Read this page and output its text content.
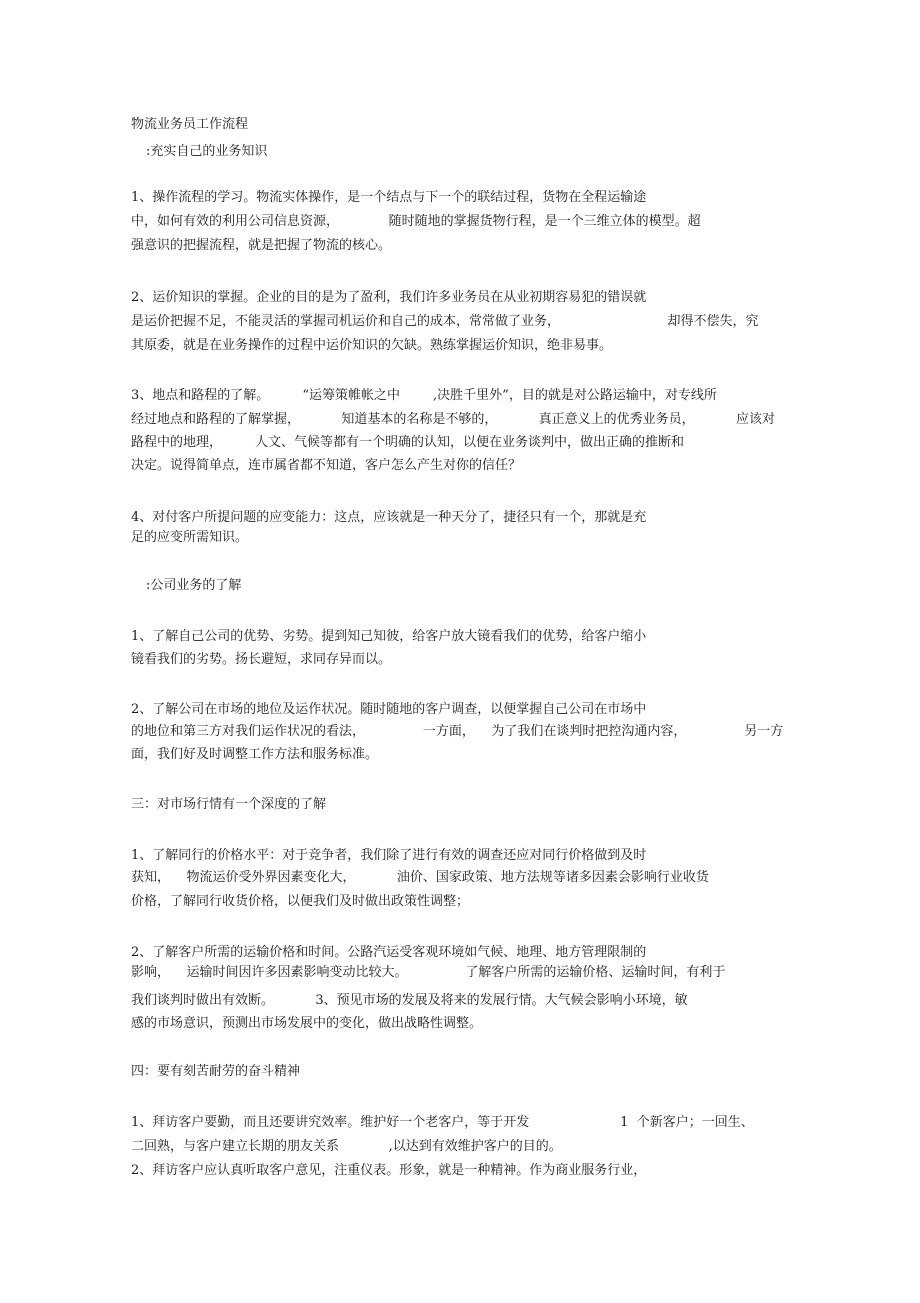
物流业务员工作流程

:充实自己的业务知识

1、操作流程的学习。物流实体操作，是一个结点与下一个的联结过程，货物在全程运输途

中，如何有效的利用公司信息资源，            随时随地的掌握货物行程，是一个三维立体的模型。超

强意识的把握流程，就是把握了物流的核心。

2、运价知识的掌握。企业的目的是为了盈利，我们许多业务员在从业初期容易犯的错误就

是运价把握不足，不能灵活的掌握司机运价和自己的成本，常常做了业务，                          却得不偿失，究

其原委，就是在业务操作的过程中运价知识的欠缺。熟练掌握运价知识，绝非易事。

3、地点和路程的了解。        “运筹策帷帐之中        ,决胜千里外”，目的就是对公路运输中，对专线所

经过地点和路程的了解掌握，          知道基本的名称是不够的，          真正意义上的优秀业务员，          应该对

路程中的地理，        人文、气候等都有一个明确的认知，以便在业务谈判中，做出正确的推断和

决定。说得简单点，连市属省都不知道，客户怎么产生对你的信任？

4、对付客户所提问题的应变能力：这点，应该就是一种天分了，捷径只有一个，那就是充

足的应变所需知识。

:公司业务的了解

1、了解自己公司的优势、劣势。提到知己知彼，给客户放大镜看我们的优势，给客户缩小

镜看我们的劣势。扬长避短，求同存异而以。

2、了解公司在市场的地位及运作状况。随时随地的客户调查，以便掌握自己公司在市场中

的地位和第三方对我们运作状况的看法，              一方面，    为了我们在谈判时把控沟通内容，              另一方

面，我们好及时调整工作方法和服务标准。

三：对市场行情有一个深度的了解

1、了解同行的价格水平：对于竞争者，我们除了进行有效的调查还应对同行价格做到及时

获知，    物流运价受外界因素变化大，          油价、国家政策、地方法规等诸多因素会影响行业收货

价格，了解同行收货价格，以便我们及时做出政策性调整；

2、了解客户所需的运输价格和时间。公路汽运受客观环境如气候、地理、地方管理限制的

影响，    运输时间因许多因素影响变动比较大。              了解客户所需的运输价格、运输时间，有利于

我们谈判时做出有效断。          3、预见市场的发展及将来的发展行情。大气候会影响小环境，敏

感的市场意识，预测出市场发展中的变化，做出战略性调整。

四：要有刻苦耐劳的奋斗精神

1、拜访客户要勤，而且还要讲究效率。维护好一个老客户，等于开发                      1  个新客户；一回生、

二回熟，与客户建立长期的朋友关系            ,以达到有效维护客户的目的。

2、拜访客户应认真听取客户意见，注重仪表。形象，就是一种精神。作为商业服务行业，
